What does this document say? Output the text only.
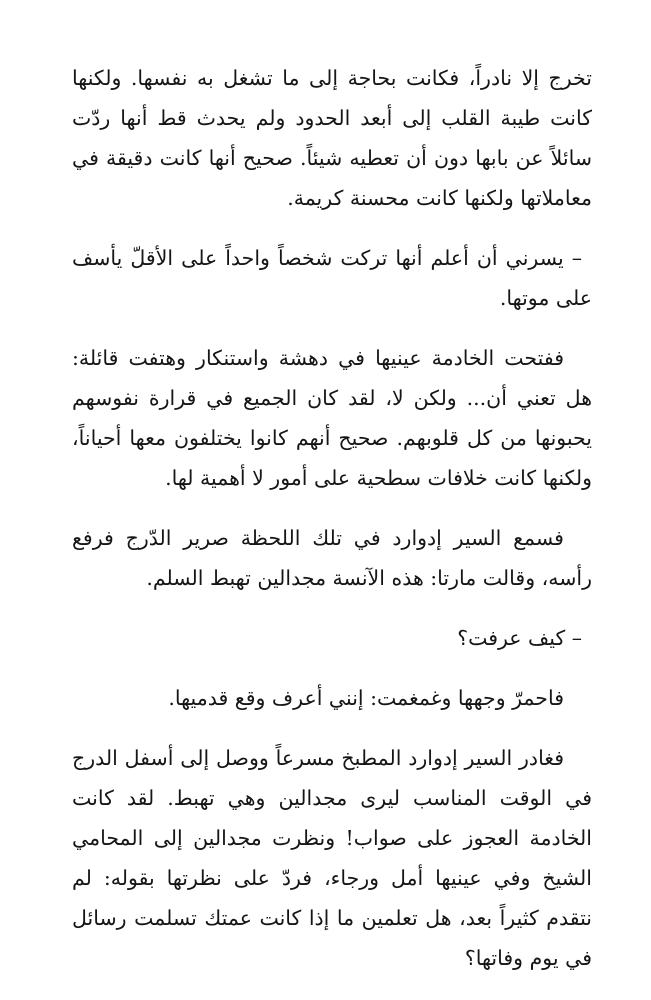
تخرج إلا نادراً، فكانت بحاجة إلى ما تشغل به نفسها. ولكنها كانت طيبة القلب إلى أبعد الحدود ولم يحدث قط أنها ردّت سائلاً عن بابها دون أن تعطيه شيئاً. صحيح أنها كانت دقيقة في معاملاتها ولكنها كانت محسنة كريمة.

– يسرني أن أعلم أنها تركت شخصاً واحداً على الأقلّ يأسف على موتها.

ففتحت الخادمة عينيها في دهشة واستنكار وهتفت قائلة: هل تعني أن... ولكن لا، لقد كان الجميع في قرارة نفوسهم يحبونها من كل قلوبهم. صحيح أنهم كانوا يختلفون معها أحياناً، ولكنها كانت خلافات سطحية على أمور لا أهمية لها.

فسمع السير إدوارد في تلك اللحظة صرير الدّرج فرفع رأسه، وقالت مارتا: هذه الآنسة مجدالين تهبط السلم.

– كيف عرفت؟

فاحمرّ وجهها وغمغمت: إنني أعرف وقع قدميها.

فغادر السير إدوارد المطبخ مسرعاً ووصل إلى أسفل الدرج في الوقت المناسب ليرى مجدالين وهي تهبط. لقد كانت الخادمة العجوز على صواب! ونظرت مجدالين إلى المحامي الشيخ وفي عينيها أمل ورجاء، فردّ على نظرتها بقوله: لم نتقدم كثيراً بعد، هل تعلمين ما إذا كانت عمتك تسلمت رسائل في يوم وفاتها؟
